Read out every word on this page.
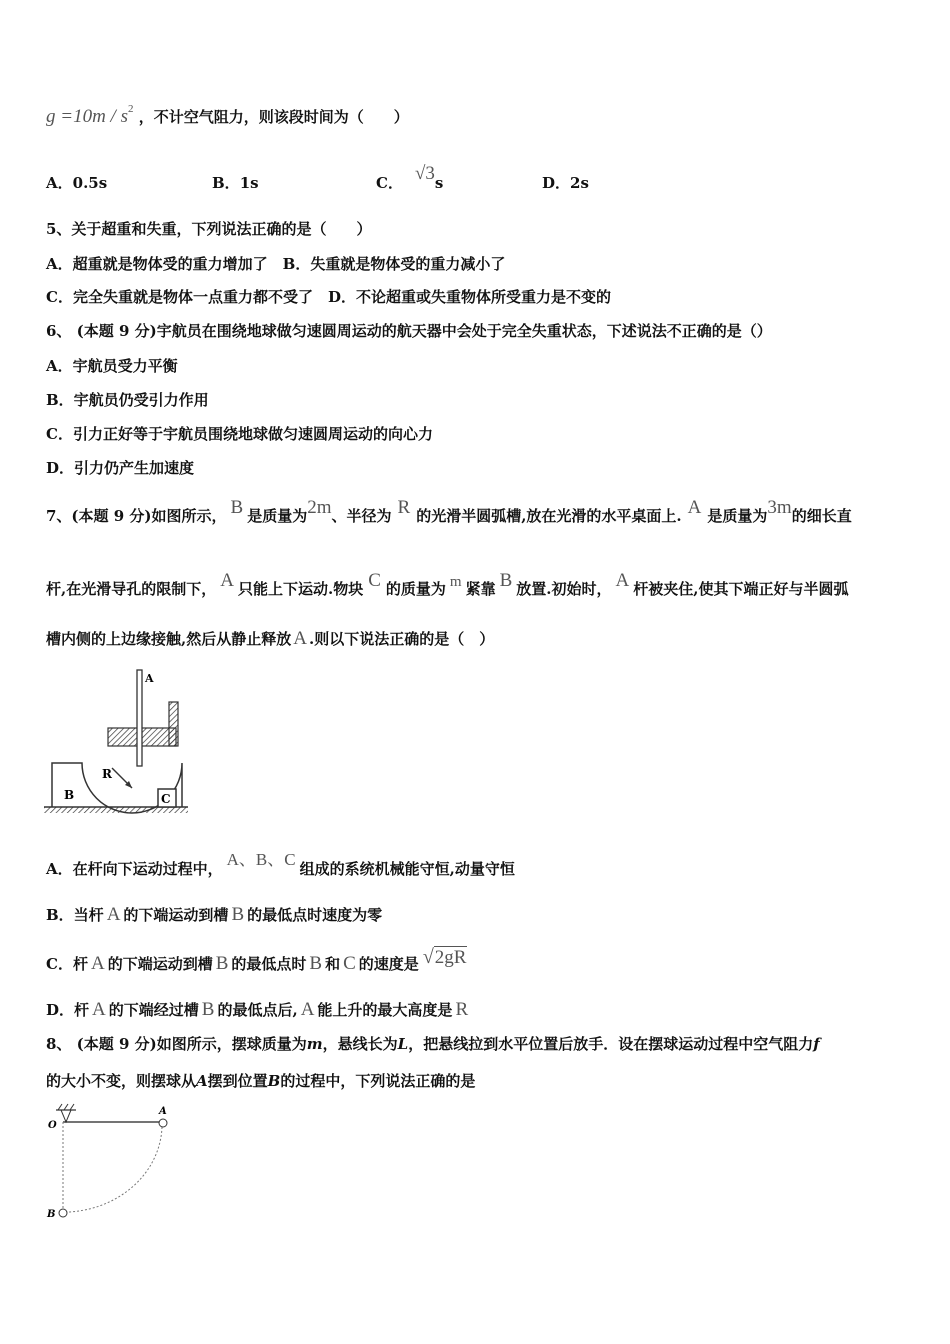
$g =10m / s^2$ ，不计空气阻力，则该段时间为（　　）
A．0.5s	B．1s	C． √3s	D．2s
5、关于超重和失重，下列说法正确的是（　　）
A．超重就是物体受的重力增加了　B．失重就是物体受的重力减小了
C．完全失重就是物体一点重力都不受了　D．不论超重或失重物体所受重力是不变的
6、 (本题 9 分)宇航员在围绕地球做匀速圆周运动的航天器中会处于完全失重状态，下述说法不正确的是（）
A．宇航员受力平衡
B．宇航员仍受引力作用
C．引力正好等于宇航员围绕地球做匀速圆周运动的向心力
D．引力仍产生加速度
7、(本题 9 分)如图所示， B 是质量为2m、半径为 R 的光滑半圆弧槽,放在光滑的水平桌面上. A 是质量为3m的细长直
杆,在光滑导孔的限制下， A 只能上下运动.物块 C 的质量为 m 紧靠 B 放置.初始时， A 杆被夹住,使其下端正好与半圆弧
槽内侧的上边缘接触,然后从静止释放 A .则以下说法正确的是（　）
A
R
B	C
A．在杆向下运动过程中， A、B、C 组成的系统机械能守恒,动量守恒
B．当杆 A 的下端运动到槽 B 的最低点时速度为零
C．杆 A 的下端运动到槽 B 的最低点时 B 和 C 的速度是 √2gR
D．杆 A 的下端经过槽 B 的最低点后, A 能上升的最大高度是 R
8、 (本题 9 分)如图所示，摆球质量为m，悬线长为L，把悬线拉到水平位置后放手．设在摆球运动过程中空气阻力f
的大小不变，则摆球从A摆到位置B的过程中，下列说法正确的是
O
A
B
